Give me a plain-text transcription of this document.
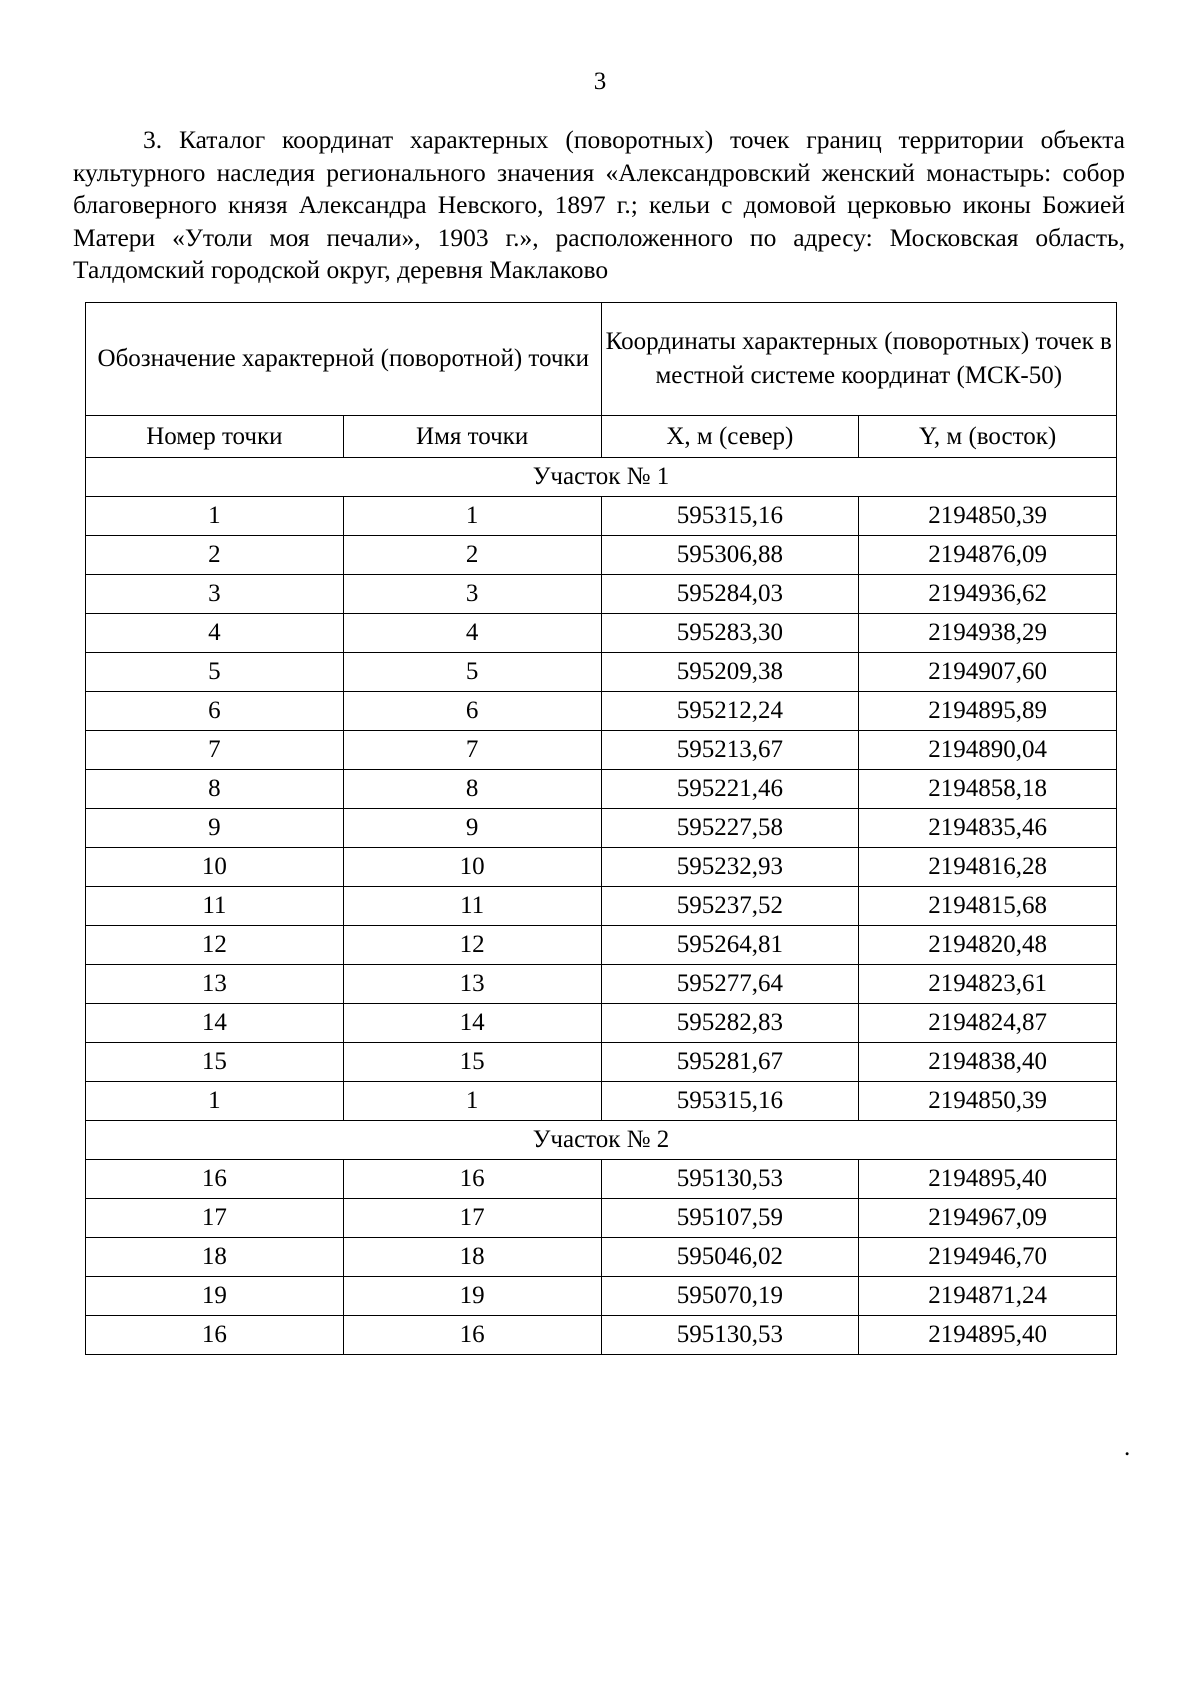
3
3. Каталог координат характерных (поворотных) точек границ территории объекта культурного наследия регионального значения «Александровский женский монастырь: собор благоверного князя Александра Невского, 1897 г.; кельи с домовой церковью иконы Божией Матери «Утоли моя печали», 1903 г.», расположенного по адресу: Московская область, Талдомский городской округ, деревня Маклаково
Обозначение характерной (поворотной) точки		Координаты характерных (поворотных) точек в местной системе координат (МСК-50)	
Номер точки	Имя точки	X, м (север)	Y, м (восток)
Участок № 1			
1	1	595315,16	2194850,39
2	2	595306,88	2194876,09
3	3	595284,03	2194936,62
4	4	595283,30	2194938,29
5	5	595209,38	2194907,60
6	6	595212,24	2194895,89
7	7	595213,67	2194890,04
8	8	595221,46	2194858,18
9	9	595227,58	2194835,46
10	10	595232,93	2194816,28
11	11	595237,52	2194815,68
12	12	595264,81	2194820,48
13	13	595277,64	2194823,61
14	14	595282,83	2194824,87
15	15	595281,67	2194838,40
1	1	595315,16	2194850,39
Участок № 2			
16	16	595130,53	2194895,40
17	17	595107,59	2194967,09
18	18	595046,02	2194946,70
19	19	595070,19	2194871,24
16	16	595130,53	2194895,40
.
